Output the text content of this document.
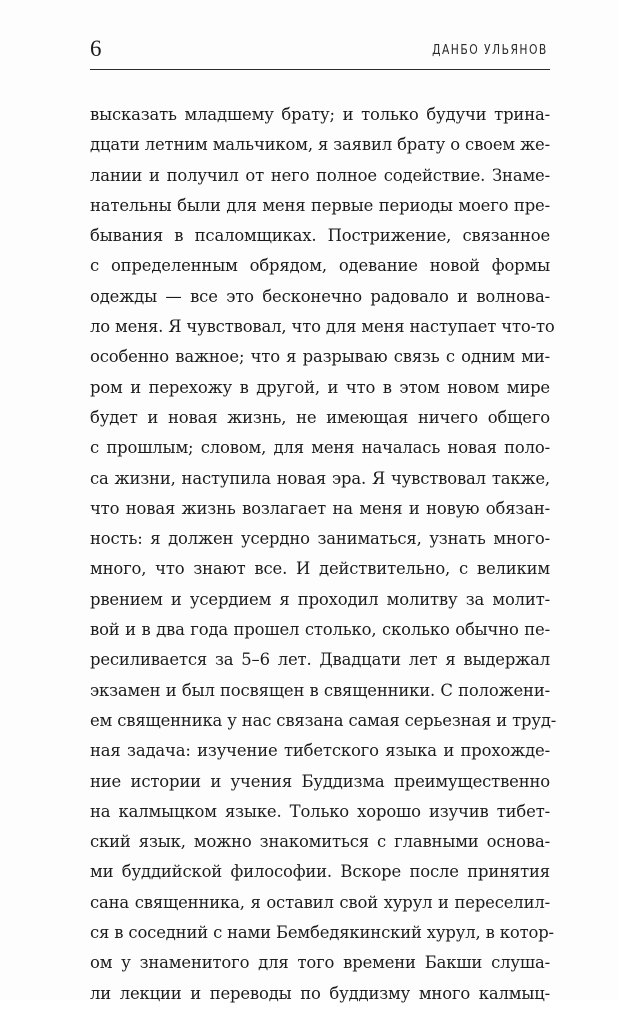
6	ДАНБО УЛЬЯНОВ
высказать младшему брату; и только будучи трина-
дцати летним мальчиком, я заявил брату о своем же-
лании и получил от него полное содействие. Знаме-
нательны были для меня первые периоды моего пре-
бывания в псаломщиках. Пострижение, связанное
с определенным обрядом, одевание новой формы
одежды — все это бесконечно радовало и волнова-
ло меня. Я чувствовал, что для меня наступает что-то
особенно важное; что я разрываю связь с одним ми-
ром и перехожу в другой, и что в этом новом мире
будет и новая жизнь, не имеющая ничего общего
с прошлым; словом, для меня началась новая поло-
са жизни, наступила новая эра. Я чувствовал также,
что новая жизнь возлагает на меня и новую обязан-
ность: я должен усердно заниматься, узнать много-
много, что знают все. И действительно, с великим
рвением и усердием я проходил молитву за молит-
вой и в два года прошел столько, сколько обычно пе-
ресиливается за 5–6 лет. Двадцати лет я выдержал
экзамен и был посвящен в священники. С положени-
ем священника у нас связана самая серьезная и труд-
ная задача: изучение тибетского языка и прохожде-
ние истории и учения Буддизма преимущественно
на калмыцком языке. Только хорошо изучив тибет-
ский язык, можно знакомиться с главными основа-
ми буддийской философии. Вскоре после принятия
сана священника, я оставил свой хурул и переселил-
ся в соседний с нами Бембедякинский хурул, в котор-
ом у знаменитого для того времени Бакши слуша-
ли лекции и переводы по буддизму много калмыц-
